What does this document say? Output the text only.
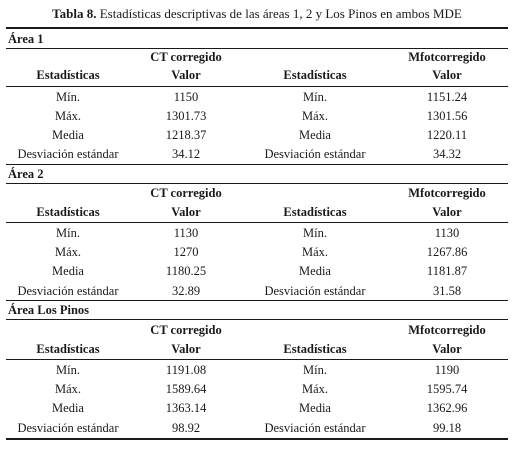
Tabla 8. Estadísticas descriptivas de las áreas 1, 2 y Los Pinos en ambos MDE
Área 1
CT corregido	Mfotcorregido
Estadísticas	Valor	Estadísticas	Valor
Mín.	1150	Mín.	1151.24
Máx.	1301.73	Máx.	1301.56
Media	1218.37	Media	1220.11
Desviación estándar	34.12	Desviación estándar	34.32
Área 2
CT corregido	Mfotcorregido
Estadísticas	Valor	Estadísticas	Valor
Mín.	1130	Mín.	1130
Máx.	1270	Máx.	1267.86
Media	1180.25	Media	1181.87
Desviación estándar	32.89	Desviación estándar	31.58
Área Los Pinos
CT corregido	Mfotcorregido
Estadísticas	Valor	Estadísticas	Valor
Mín.	1191.08	Mín.	1190
Máx.	1589.64	Máx.	1595.74
Media	1363.14	Media	1362.96
Desviación estándar	98.92	Desviación estándar	99.18
